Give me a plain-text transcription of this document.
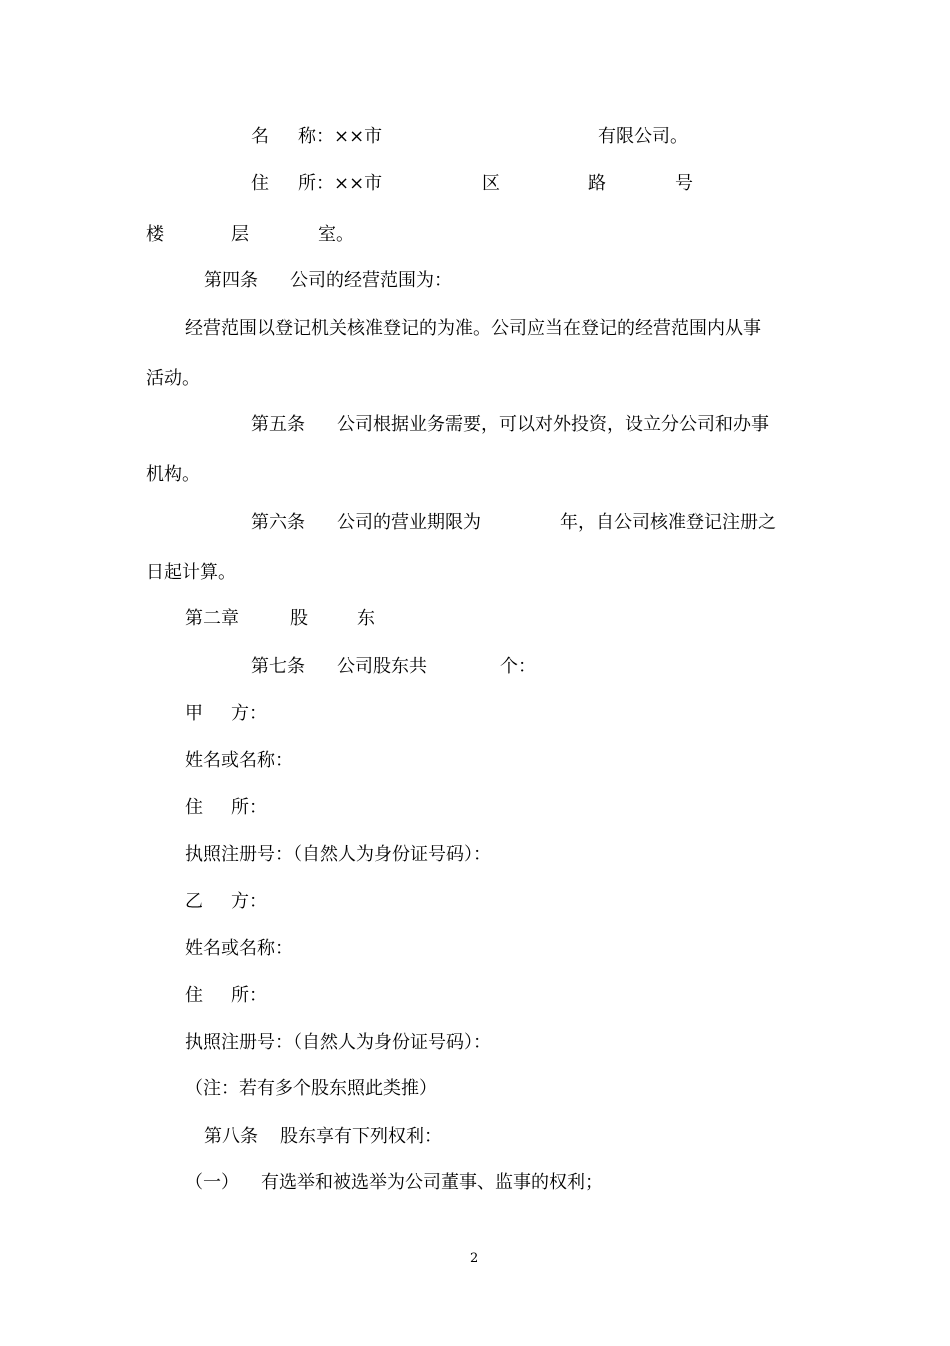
名 称：××市	有限公司。
住 所：××市	区	路	号
楼	层	室。
第四条 公司的经营范围为：
经营范围以登记机关核准登记的为准。公司应当在登记的经营范围内从事
活动。
第五条 公司根据业务需要，可以对外投资，设立分公司和办事
机构。
第六条 公司的营业期限为	年，自公司核准登记注册之
日起计算。
第二章	股	东
第七条 公司股东共	个：
甲 方：
姓名或名称：
住 所：
执照注册号：（自然人为身份证号码）：
乙 方：
姓名或名称：
住 所：
执照注册号：（自然人为身份证号码）：
（注：若有多个股东照此类推）
第八条 股东享有下列权利：
（一） 有选举和被选举为公司董事、监事的权利；
2
